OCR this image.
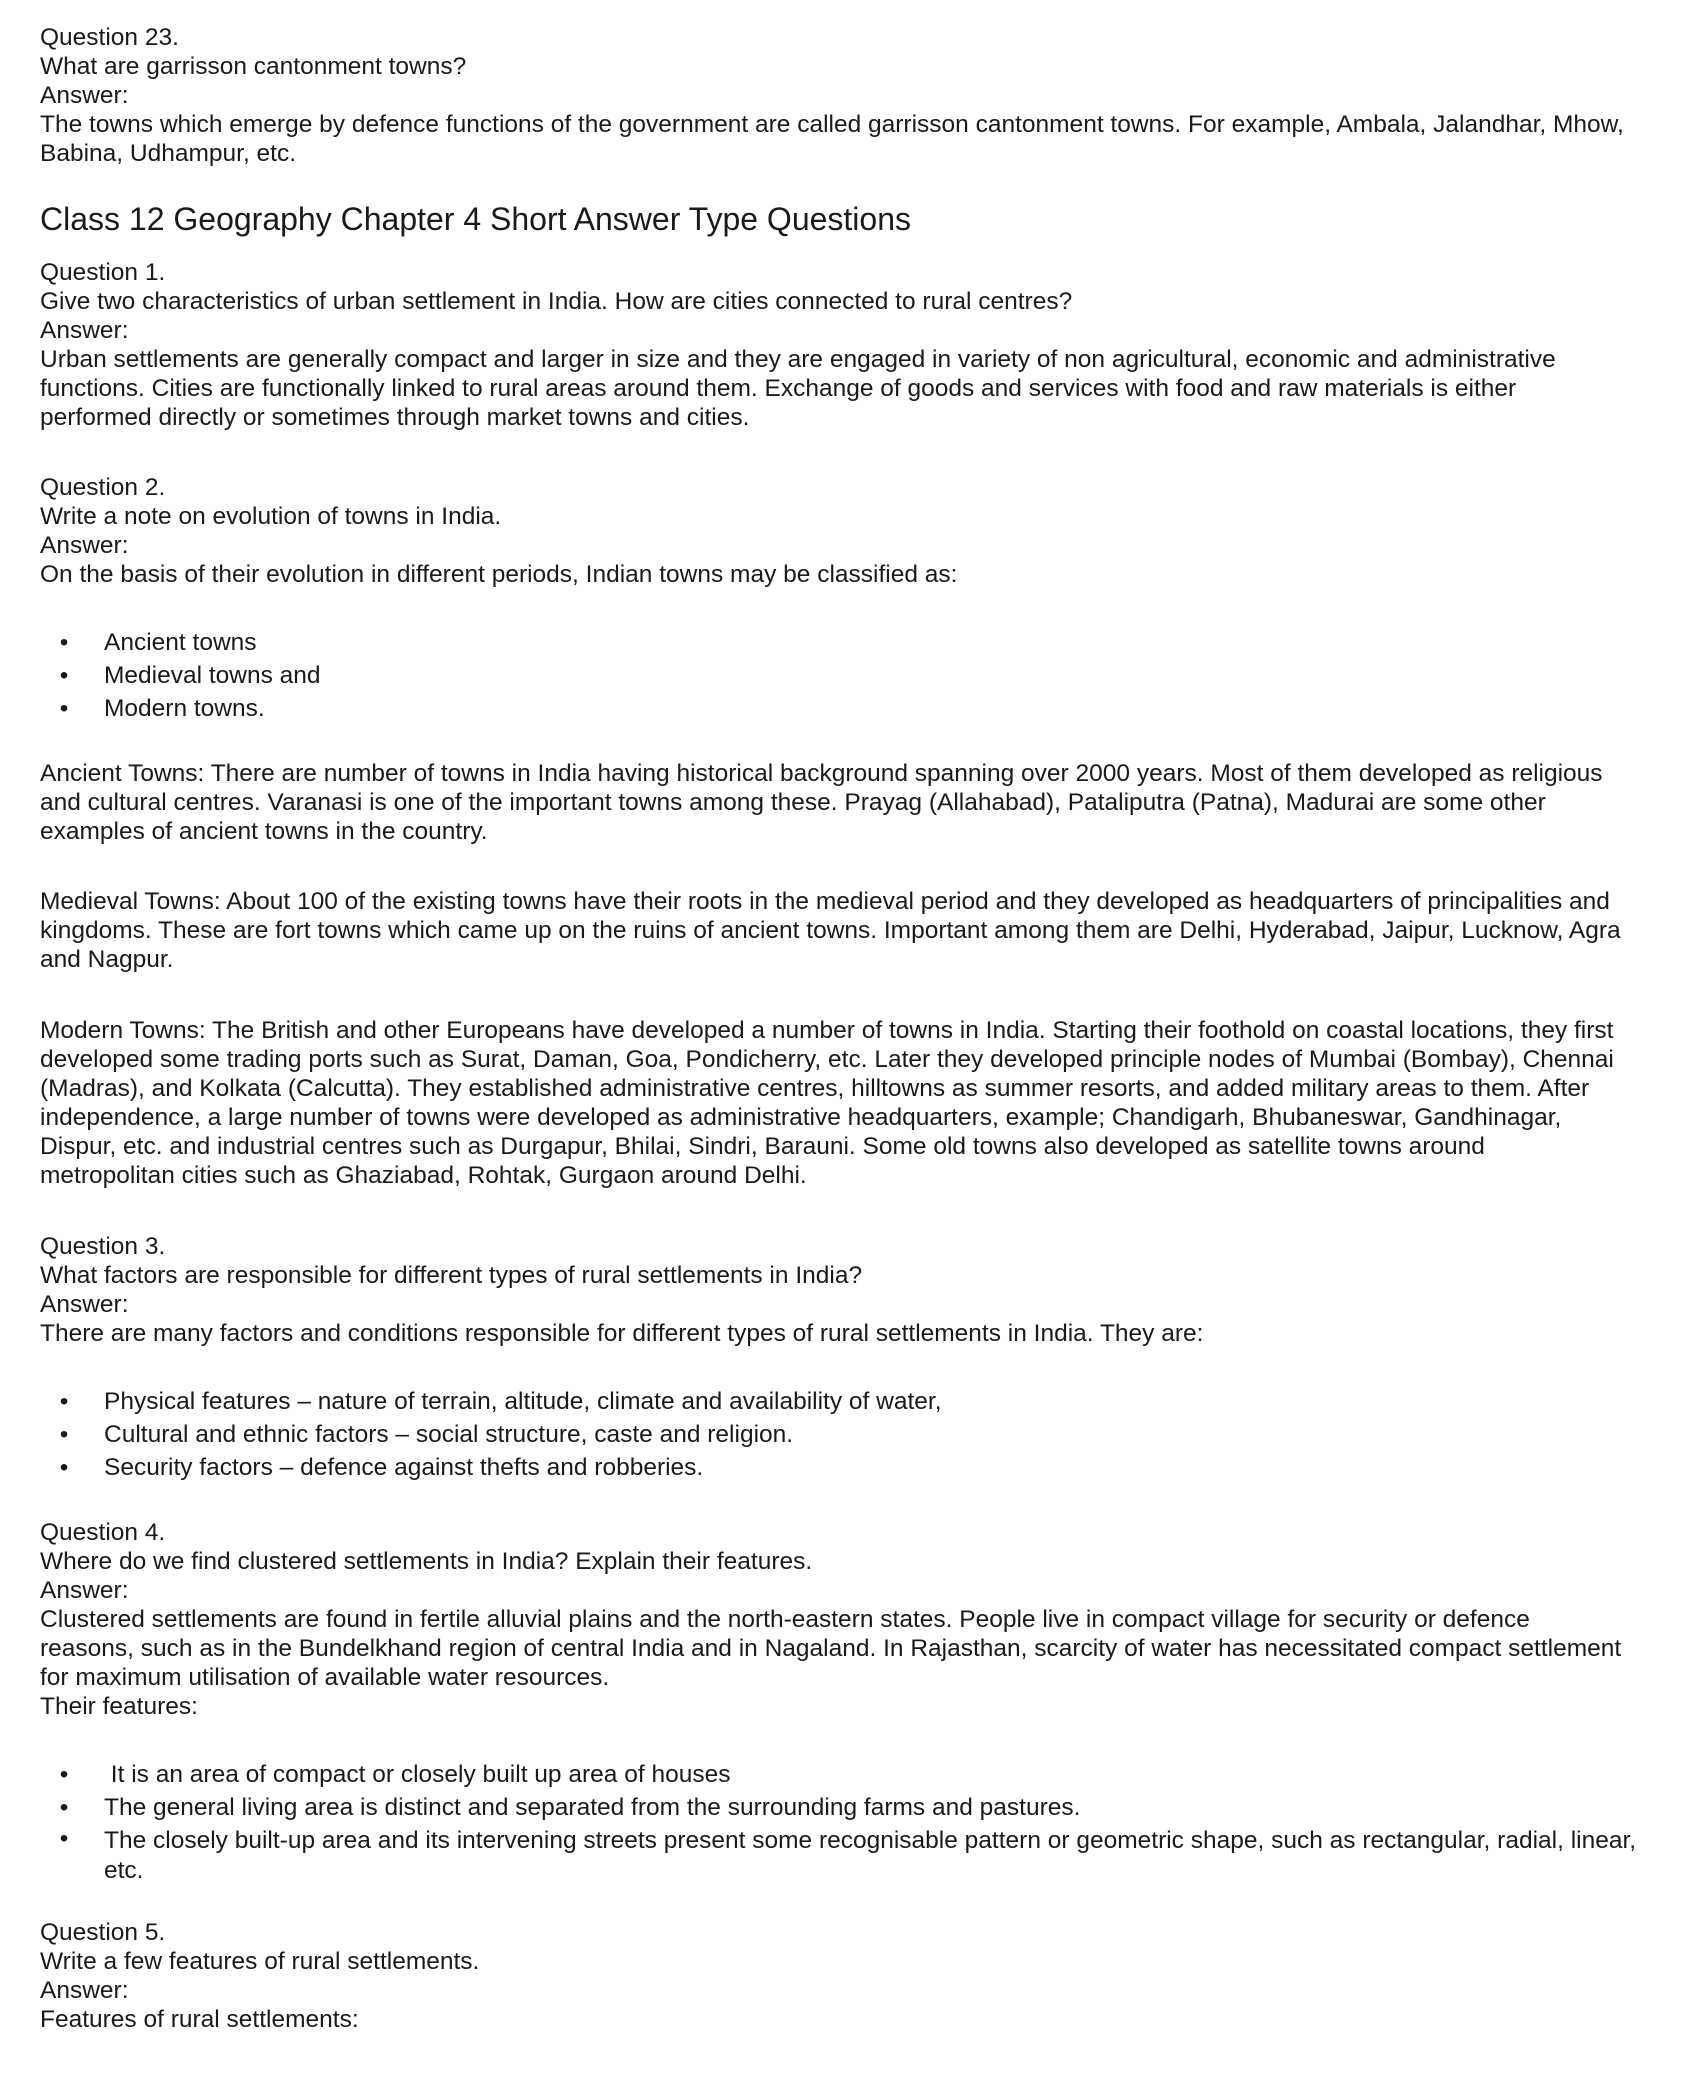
Question 23.
What are garrisson cantonment towns?
Answer:
The towns which emerge by defence functions of the government are called garrisson cantonment towns. For example, Ambala, Jalandhar, Mhow,
Babina, Udhampur, etc.
Class 12 Geography Chapter 4 Short Answer Type Questions
Question 1.
Give two characteristics of urban settlement in India. How are cities connected to rural centres?
Answer:
Urban settlements are generally compact and larger in size and they are engaged in variety of non agricultural, economic and administrative
functions. Cities are functionally linked to rural areas around them. Exchange of goods and services with food and raw materials is either
performed directly or sometimes through market towns and cities.
Question 2.
Write a note on evolution of towns in India.
Answer:
On the basis of their evolution in different periods, Indian towns may be classified as:
• Ancient towns
• Medieval towns and
• Modern towns.
Ancient Towns: There are number of towns in India having historical background spanning over 2000 years. Most of them developed as religious
and cultural centres. Varanasi is one of the important towns among these. Prayag (Allahabad), Pataliputra (Patna), Madurai are some other
examples of ancient towns in the country.
Medieval Towns: About 100 of the existing towns have their roots in the medieval period and they developed as headquarters of principalities and
kingdoms. These are fort towns which came up on the ruins of ancient towns. Important among them are Delhi, Hyderabad, Jaipur, Lucknow, Agra
and Nagpur.
Modern Towns: The British and other Europeans have developed a number of towns in India. Starting their foothold on coastal locations, they first
developed some trading ports such as Surat, Daman, Goa, Pondicherry, etc. Later they developed principle nodes of Mumbai (Bombay), Chennai
(Madras), and Kolkata (Calcutta). They established administrative centres, hilltowns as summer resorts, and added military areas to them. After
independence, a large number of towns were developed as administrative headquarters, example; Chandigarh, Bhubaneswar, Gandhinagar,
Dispur, etc. and industrial centres such as Durgapur, Bhilai, Sindri, Barauni. Some old towns also developed as satellite towns around
metropolitan cities such as Ghaziabad, Rohtak, Gurgaon around Delhi.
Question 3.
What factors are responsible for different types of rural settlements in India?
Answer:
There are many factors and conditions responsible for different types of rural settlements in India. They are:
• Physical features – nature of terrain, altitude, climate and availability of water,
• Cultural and ethnic factors – social structure, caste and religion.
• Security factors – defence against thefts and robberies.
Question 4.
Where do we find clustered settlements in India? Explain their features.
Answer:
Clustered settlements are found in fertile alluvial plains and the north-eastern states. People live in compact village for security or defence
reasons, such as in the Bundelkhand region of central India and in Nagaland. In Rajasthan, scarcity of water has necessitated compact settlement
for maximum utilisation of available water resources.
Their features:
• It is an area of compact or closely built up area of houses
• The general living area is distinct and separated from the surrounding farms and pastures.
• The closely built-up area and its intervening streets present some recognisable pattern or geometric shape, such as rectangular, radial, linear, etc.
Question 5.
Write a few features of rural settlements.
Answer:
Features of rural settlements:
